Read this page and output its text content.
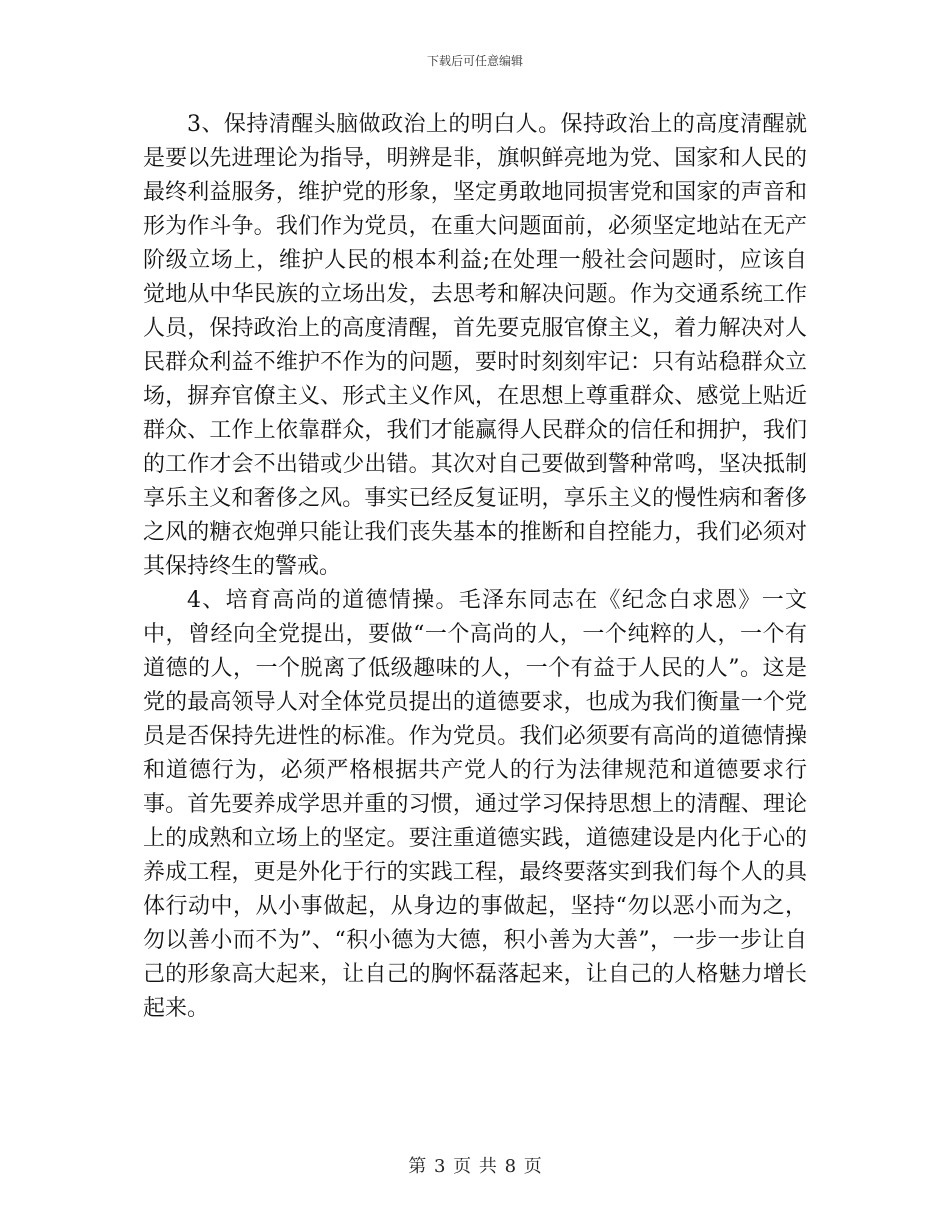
下载后可任意编辑

3、保持清醒头脑做政治上的明白人。保持政治上的高度清醒就是要以先进理论为指导，明辨是非，旗帜鲜亮地为党、国家和人民的最终利益服务，维护党的形象，坚定勇敢地同损害党和国家的声音和形为作斗争。我们作为党员，在重大问题面前，必须坚定地站在无产阶级立场上，维护人民的根本利益;在处理一般社会问题时，应该自觉地从中华民族的立场出发，去思考和解决问题。作为交通系统工作人员，保持政治上的高度清醒，首先要克服官僚主义，着力解决对人民群众利益不维护不作为的问题，要时时刻刻牢记：只有站稳群众立场，摒弃官僚主义、形式主义作风，在思想上尊重群众、感觉上贴近群众、工作上依靠群众，我们才能赢得人民群众的信任和拥护，我们的工作才会不出错或少出错。其次对自己要做到警种常鸣，坚决抵制享乐主义和奢侈之风。事实已经反复证明，享乐主义的慢性病和奢侈之风的糖衣炮弹只能让我们丧失基本的推断和自控能力，我们必须对其保持终生的警戒。

4、培育高尚的道德情操。毛泽东同志在《纪念白求恩》一文中，曾经向全党提出，要做“一个高尚的人，一个纯粹的人，一个有道德的人，一个脱离了低级趣味的人，一个有益于人民的人”。这是党的最高领导人对全体党员提出的道德要求，也成为我们衡量一个党员是否保持先进性的标准。作为党员。我们必须要有高尚的道德情操和道德行为，必须严格根据共产党人的行为法律规范和道德要求行事。首先要养成学思并重的习惯，通过学习保持思想上的清醒、理论上的成熟和立场上的坚定。要注重道德实践，道德建设是内化于心的养成工程，更是外化于行的实践工程，最终要落实到我们每个人的具体行动中，从小事做起，从身边的事做起，坚持“勿以恶小而为之，勿以善小而不为”、“积小德为大德，积小善为大善”，一步一步让自己的形象高大起来，让自己的胸怀磊落起来，让自己的人格魅力增长起来。

第 3 页 共 8 页
